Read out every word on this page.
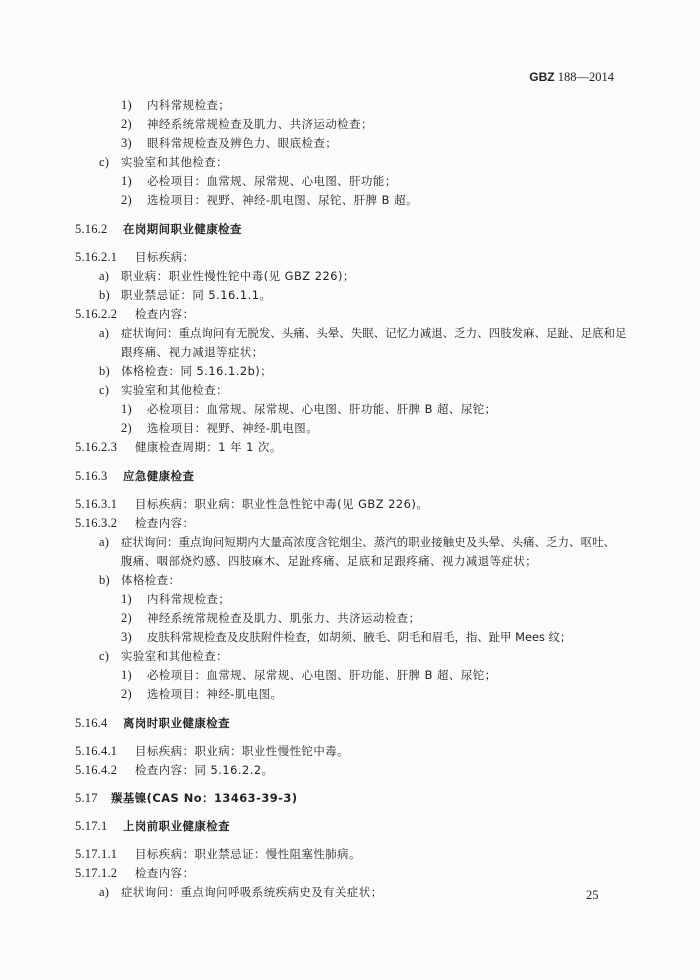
GBZ 188—2014
1) 内科常规检查；
2) 神经系统常规检查及肌力、共济运动检查；
3) 眼科常规检查及辨色力、眼底检查；
c) 实验室和其他检查：
1) 必检项目：血常规、尿常规、心电图、肝功能；
2) 选检项目：视野、神经-肌电图、尿铊、肝脾 B 超。
5.16.2 在岗期间职业健康检查
5.16.2.1 目标疾病：
a) 职业病：职业性慢性铊中毒(见 GBZ 226)；
b) 职业禁忌证：同 5.16.1.1。
5.16.2.2 检查内容：
a) 症状询问：重点询问有无脱发、头痛、头晕、失眠、记忆力减退、乏力、四肢发麻、足趾、足底和足
跟疼痛、视力减退等症状；
b) 体格检查：同 5.16.1.2b)；
c) 实验室和其他检查：
1) 必检项目：血常规、尿常规、心电图、肝功能、肝脾 B 超、尿铊；
2) 选检项目：视野、神经-肌电图。
5.16.2.3 健康检查周期：1 年 1 次。
5.16.3 应急健康检查
5.16.3.1 目标疾病：职业病：职业性急性铊中毒(见 GBZ 226)。
5.16.3.2 检查内容：
a) 症状询问：重点询问短期内大量高浓度含铊烟尘、蒸汽的职业接触史及头晕、头痛、乏力、呕吐、
腹痛、咽部烧灼感、四肢麻木、足趾疼痛、足底和足跟疼痛、视力减退等症状；
b) 体格检查：
1) 内科常规检查；
2) 神经系统常规检查及肌力、肌张力、共济运动检查；
3) 皮肤科常规检查及皮肤附件检查，如胡须、腋毛、阴毛和眉毛，指、趾甲 Mees 纹；
c) 实验室和其他检查：
1) 必检项目：血常规、尿常规、心电图、肝功能、肝脾 B 超、尿铊；
2) 选检项目：神经-肌电图。
5.16.4 离岗时职业健康检查
5.16.4.1 目标疾病：职业病：职业性慢性铊中毒。
5.16.4.2 检查内容：同 5.16.2.2。
5.17 羰基镍(CAS No：13463-39-3)
5.17.1 上岗前职业健康检查
5.17.1.1 目标疾病：职业禁忌证：慢性阻塞性肺病。
5.17.1.2 检查内容：
a) 症状询问：重点询问呼吸系统疾病史及有关症状；	25
